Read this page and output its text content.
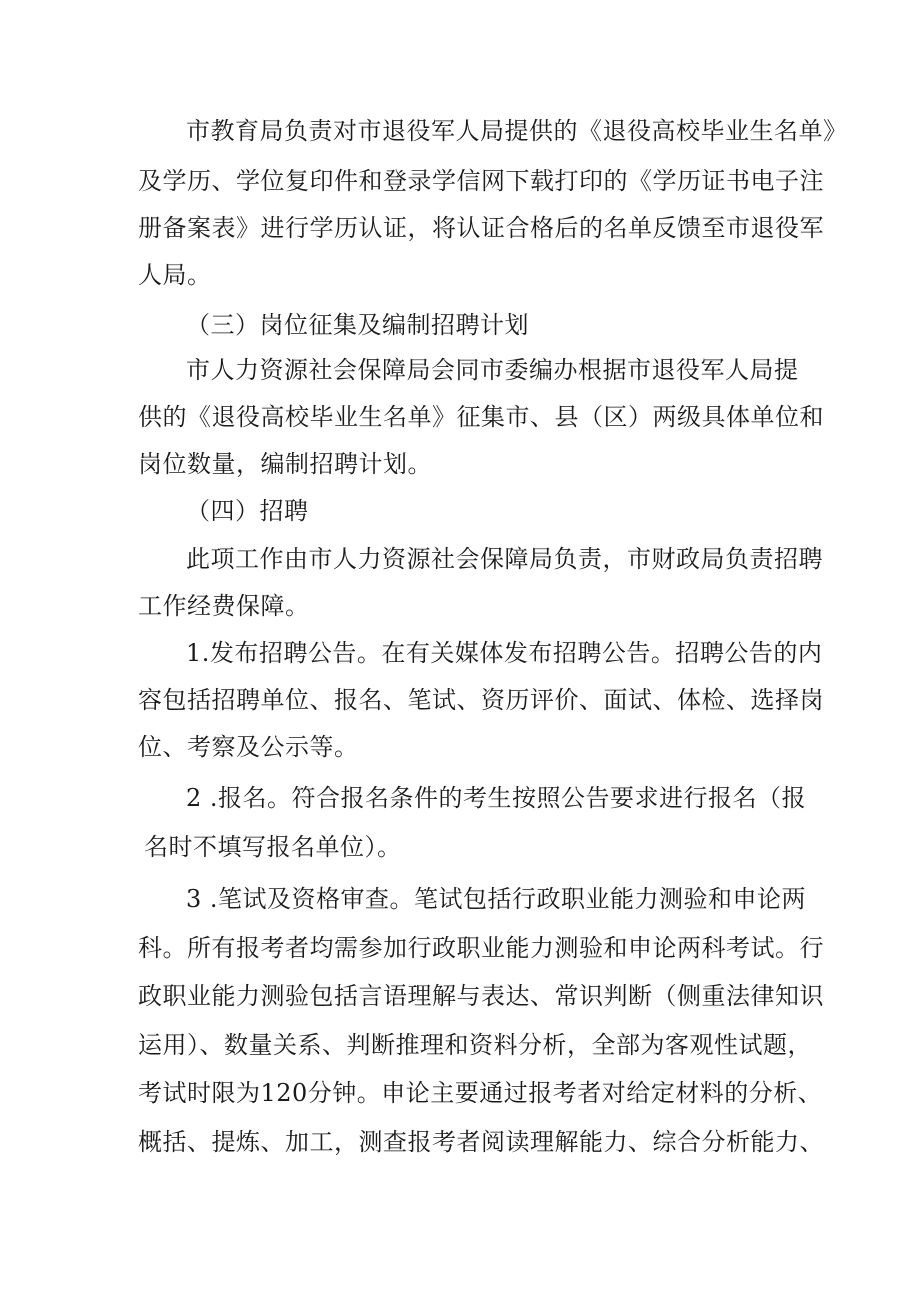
市教育局负责对市退役军人局提供的《退役高校毕业生名单》
及学历、学位复印件和登录学信网下载打印的《学历证书电子注
册备案表》进行学历认证，将认证合格后的名单反馈至市退役军
人局。
（三）岗位征集及编制招聘计划
市人力资源社会保障局会同市委编办根据市退役军人局提
供的《退役高校毕业生名单》征集市、县（区）两级具体单位和
岗位数量，编制招聘计划。
（四）招聘
此项工作由市人力资源社会保障局负责，市财政局负责招聘
工作经费保障。
1.发布招聘公告。在有关媒体发布招聘公告。招聘公告的内
容包括招聘单位、报名、笔试、资历评价、面试、体检、选择岗
位、考察及公示等。
2 .报名。符合报名条件的考生按照公告要求进行报名（报
名时不填写报名单位）。
3 .笔试及资格审查。笔试包括行政职业能力测验和申论两
科。所有报考者均需参加行政职业能力测验和申论两科考试。行
政职业能力测验包括言语理解与表达、常识判断（侧重法律知识
运用）、数量关系、判断推理和资料分析，全部为客观性试题，
考试时限为120分钟。申论主要通过报考者对给定材料的分析、
概括、提炼、加工，测查报考者阅读理解能力、综合分析能力、
